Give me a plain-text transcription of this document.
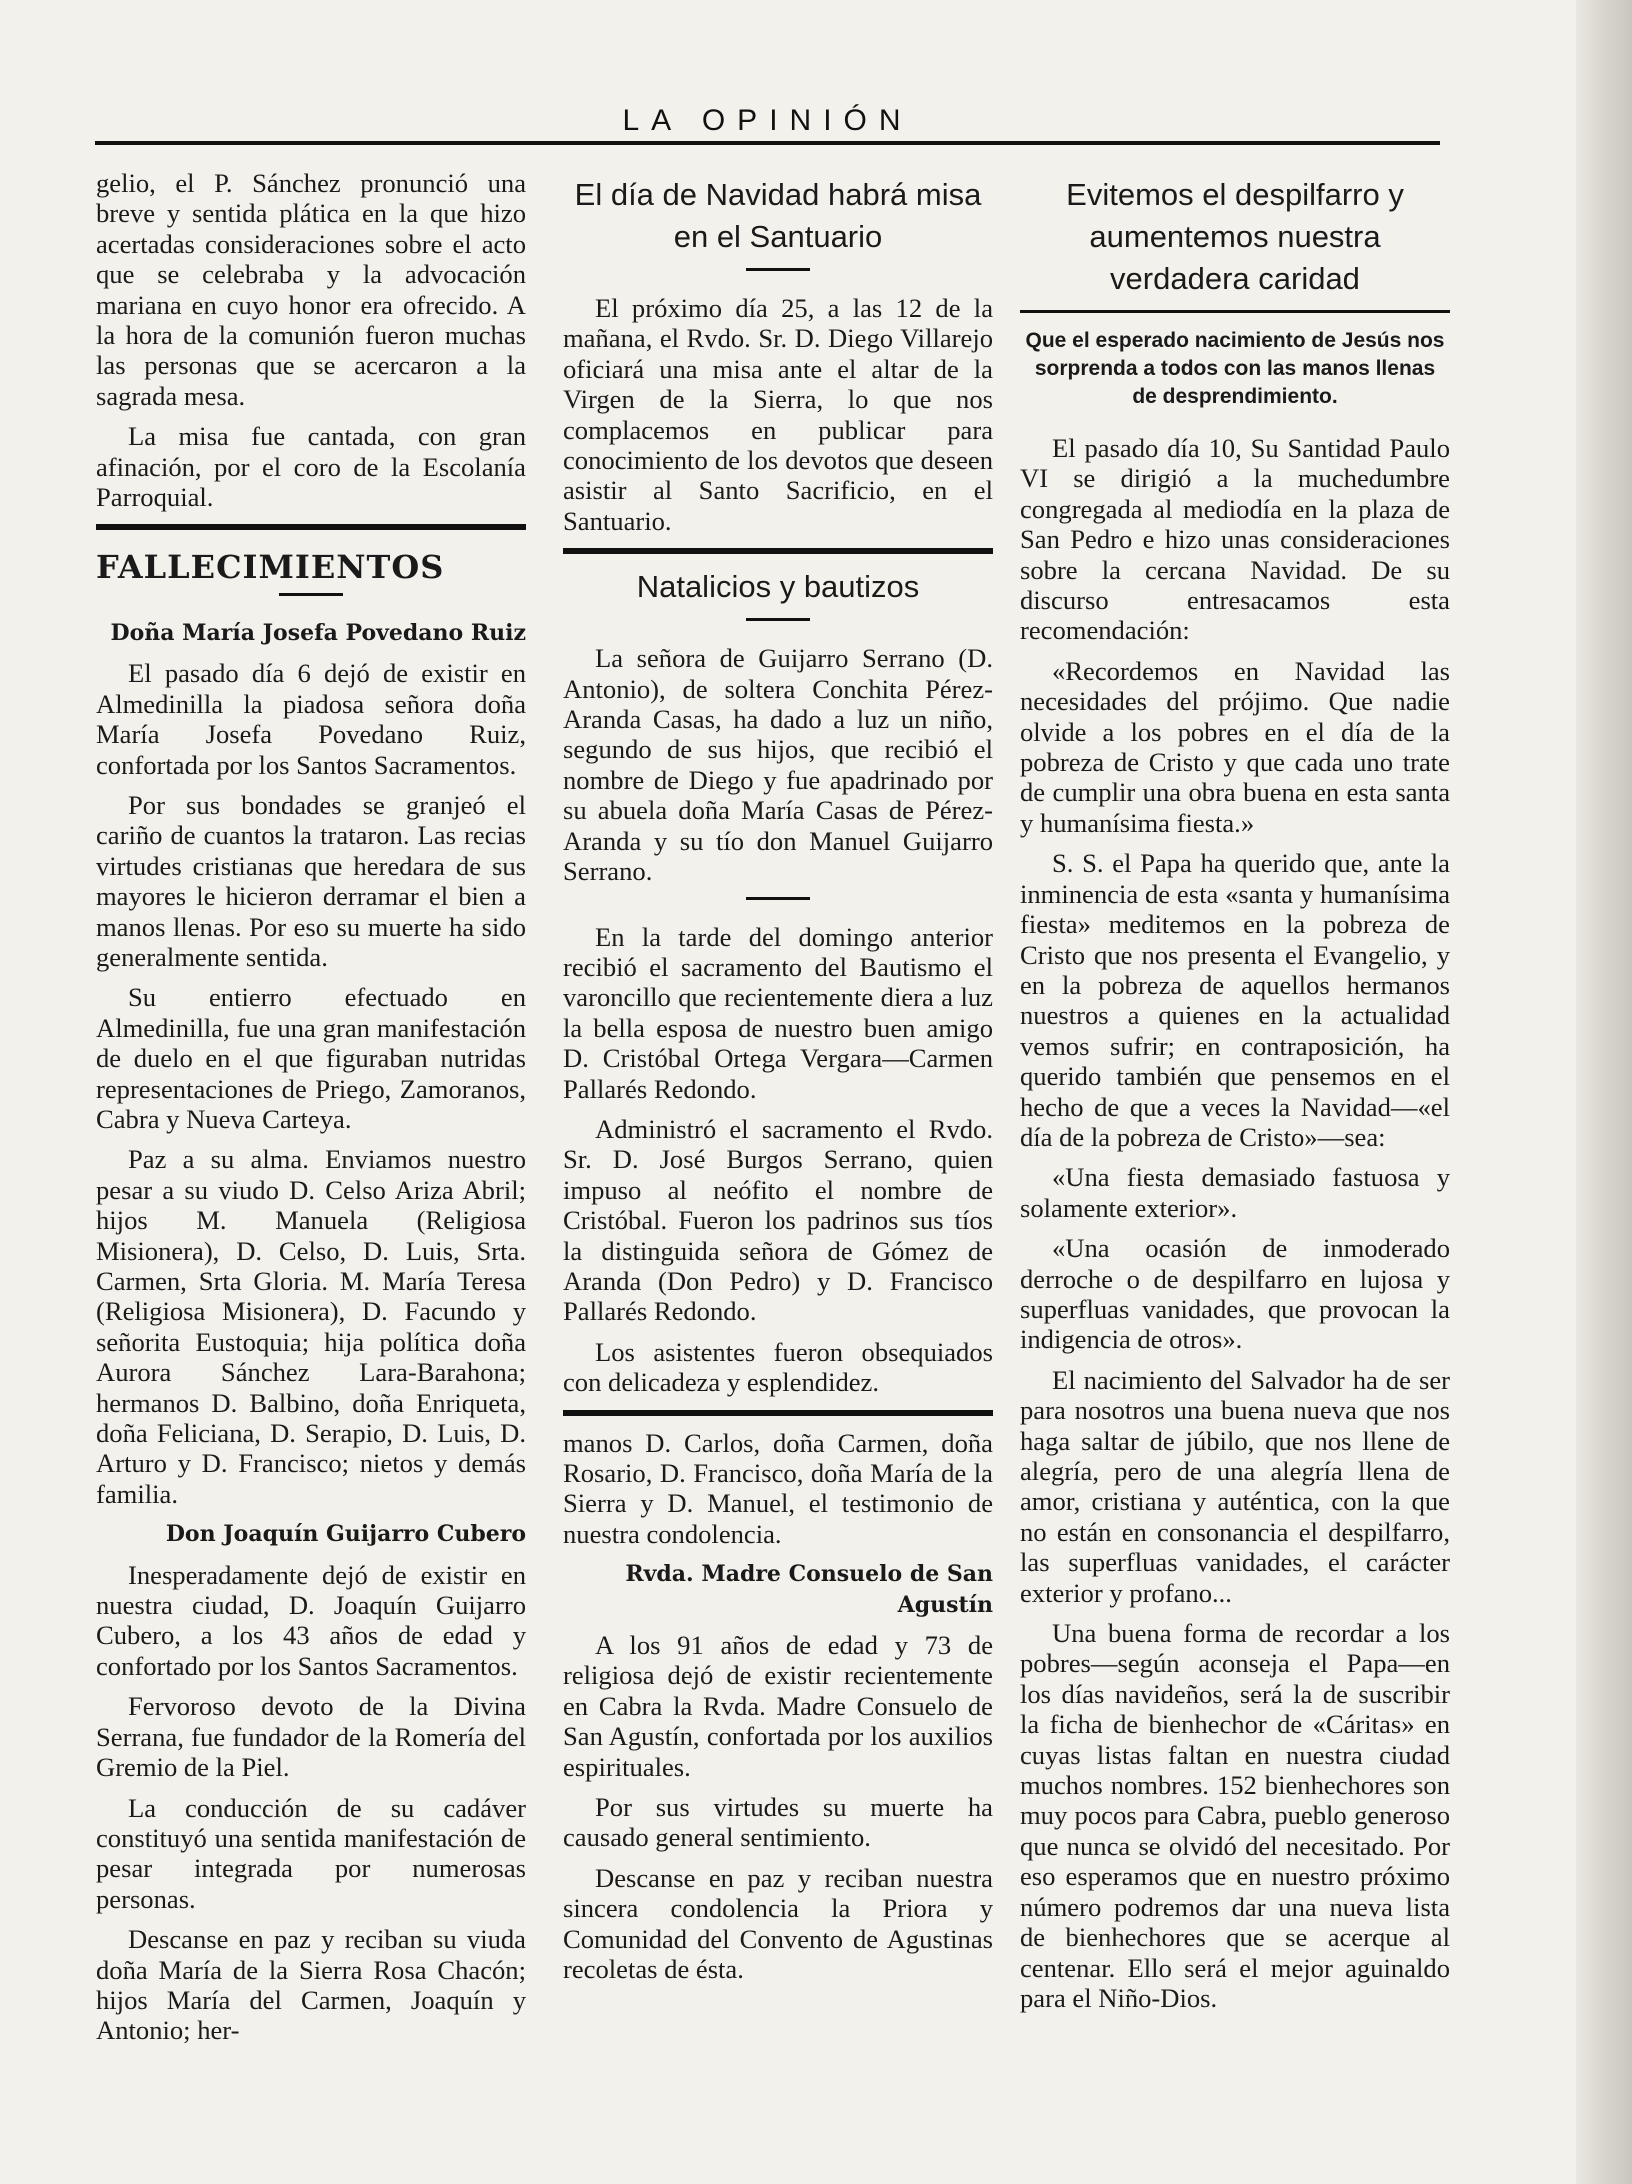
LA OPINIÓN

gelio, el P. Sánchez pronunció una breve y sentida plática en la que hizo acertadas consideraciones sobre el acto que se celebraba y la advocación mariana en cuyo honor era ofrecido. A la hora de la comunión fueron muchas las personas que se acercaron a la sagrada mesa.

La misa fue cantada, con gran afinación, por el coro de la Escolanía Parroquial.

FALLECIMIENTOS
Doña María Josefa Povedano Ruiz

El pasado día 6 dejó de existir en Almedinilla la piadosa señora doña María Josefa Povedano Ruiz, confortada por los Santos Sacramentos.

Por sus bondades se granjeó el cariño de cuantos la trataron. Las recias virtudes cristianas que heredara de sus mayores le hicieron derramar el bien a manos llenas. Por eso su muerte ha sido generalmente sentida.

Su entierro efectuado en Almedinilla, fue una gran manifestación de duelo en el que figuraban nutridas representaciones de Priego, Zamoranos, Cabra y Nueva Carteya.

Paz a su alma. Enviamos nuestro pesar a su viudo D. Celso Ariza Abril; hijos M. Manuela (Religiosa Misionera), D. Celso, D. Luis, Srta. Carmen, Srta Gloria. M. María Teresa (Religiosa Misionera), D. Facundo y señorita Eustoquia; hija política doña Aurora Sánchez Lara-Barahona; hermanos D. Balbino, doña Enriqueta, doña Feliciana, D. Serapio, D. Luis, D. Arturo y D. Francisco; nietos y demás familia.

Don Joaquín Guijarro Cubero

Inesperadamente dejó de existir en nuestra ciudad, D. Joaquín Guijarro Cubero, a los 43 años de edad y confortado por los Santos Sacramentos.

Fervoroso devoto de la Divina Serrana, fue fundador de la Romería del Gremio de la Piel.

La conducción de su cadáver constituyó una sentida manifestación de pesar integrada por numerosas personas.

Descanse en paz y reciban su viuda doña María de la Sierra Rosa Chacón; hijos María del Carmen, Joaquín y Antonio; her-

El día de Navidad habrá misa en el Santuario

El próximo día 25, a las 12 de la mañana, el Rvdo. Sr. D. Diego Villarejo oficiará una misa ante el altar de la Virgen de la Sierra, lo que nos complacemos en publicar para conocimiento de los devotos que deseen asistir al Santo Sacrificio, en el Santuario.

Natalicios y bautizos

La señora de Guijarro Serrano (D. Antonio), de soltera Conchita Pérez-Aranda Casas, ha dado a luz un niño, segundo de sus hijos, que recibió el nombre de Diego y fue apadrinado por su abuela doña María Casas de Pérez-Aranda y su tío don Manuel Guijarro Serrano.

En la tarde del domingo anterior recibió el sacramento del Bautismo el varoncillo que recientemente diera a luz la bella esposa de nuestro buen amigo D. Cristóbal Ortega Vergara—Carmen Pallarés Redondo.

Administró el sacramento el Rvdo. Sr. D. José Burgos Serrano, quien impuso al neófito el nombre de Cristóbal. Fueron los padrinos sus tíos la distinguida señora de Gómez de Aranda (Don Pedro) y D. Francisco Pallarés Redondo.

Los asistentes fueron obsequiados con delicadeza y esplendidez.

manos D. Carlos, doña Carmen, doña Rosario, D. Francisco, doña María de la Sierra y D. Manuel, el testimonio de nuestra condolencia.

Rvda. Madre Consuelo de San Agustín

A los 91 años de edad y 73 de religiosa dejó de existir recientemente en Cabra la Rvda. Madre Consuelo de San Agustín, confortada por los auxilios espirituales.

Por sus virtudes su muerte ha causado general sentimiento.

Descanse en paz y reciban nuestra sincera condolencia la Priora y Comunidad del Convento de Agustinas recoletas de ésta.

Evitemos el despilfarro y aumentemos nuestra verdadera caridad
Que el esperado nacimiento de Jesús nos sorprenda a todos con las manos llenas de desprendimiento.

El pasado día 10, Su Santidad Paulo VI se dirigió a la muchedumbre congregada al mediodía en la plaza de San Pedro e hizo unas consideraciones sobre la cercana Navidad. De su discurso entresacamos esta recomendación:

«Recordemos en Navidad las necesidades del prójimo. Que nadie olvide a los pobres en el día de la pobreza de Cristo y que cada uno trate de cumplir una obra buena en esta santa y humanísima fiesta.»

S. S. el Papa ha querido que, ante la inminencia de esta «santa y humanísima fiesta» meditemos en la pobreza de Cristo que nos presenta el Evangelio, y en la pobreza de aquellos hermanos nuestros a quienes en la actualidad vemos sufrir; en contraposición, ha querido también que pensemos en el hecho de que a veces la Navidad—«el día de la pobreza de Cristo»—sea:

«Una fiesta demasiado fastuosa y solamente exterior».

«Una ocasión de inmoderado derroche o de despilfarro en lujosa y superfluas vanidades, que provocan la indigencia de otros».

El nacimiento del Salvador ha de ser para nosotros una buena nueva que nos haga saltar de júbilo, que nos llene de alegría, pero de una alegría llena de amor, cristiana y auténtica, con la que no están en consonancia el despilfarro, las superfluas vanidades, el carácter exterior y profano...

Una buena forma de recordar a los pobres—según aconseja el Papa—en los días navideños, será la de suscribir la ficha de bienhechor de «Cáritas» en cuyas listas faltan en nuestra ciudad muchos nombres. 152 bienhechores son muy pocos para Cabra, pueblo generoso que nunca se olvidó del necesitado. Por eso esperamos que en nuestro próximo número podremos dar una nueva lista de bienhechores que se acerque al centenar. Ello será el mejor aguinaldo para el Niño-Dios.
